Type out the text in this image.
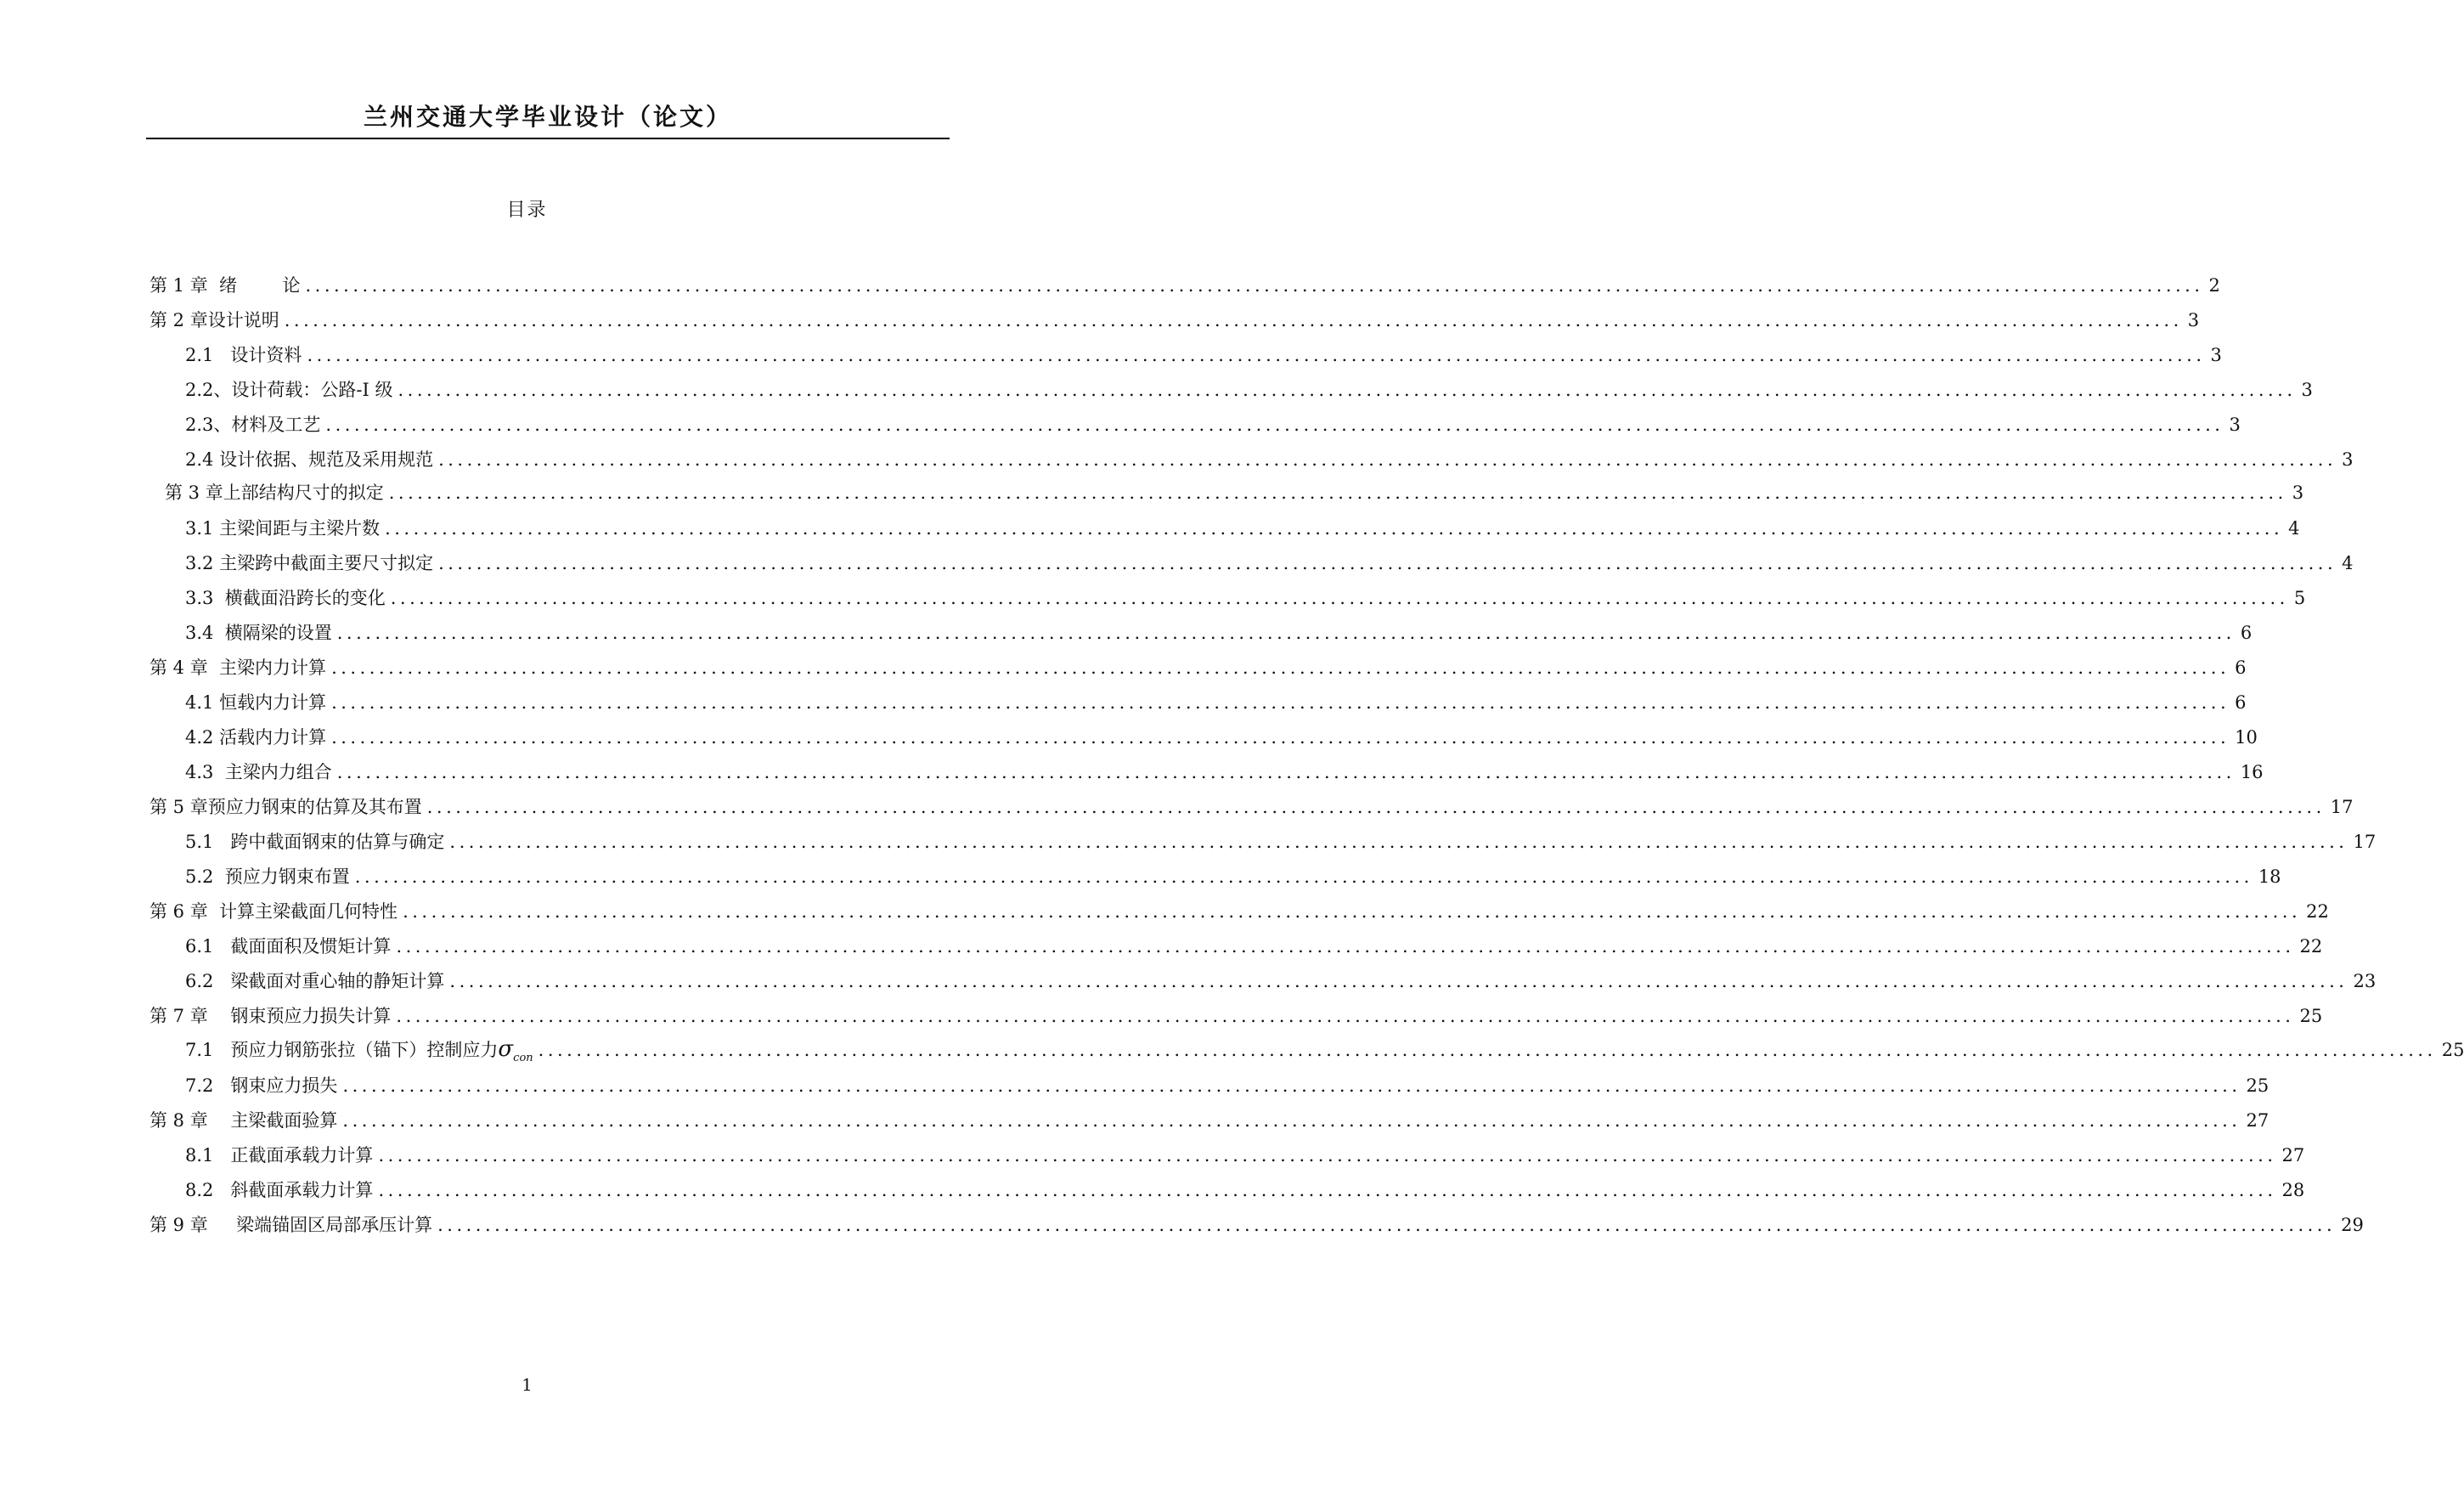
兰州交通大学毕业设计（论文）
目录
第 1 章  绪        论 ........................................................................................................................................................................................................ 2
第 2 章设计说明 ........................................................................................................................................................................................................ 3
2.1   设计资料 ........................................................................................................................................................................................................ 3
2.2、设计荷载：公路-I 级 ........................................................................................................................................................................................................ 3
2.3、材料及工艺 ........................................................................................................................................................................................................ 3
2.4 设计依据、规范及采用规范 ........................................................................................................................................................................................................ 3
第 3 章上部结构尺寸的拟定 ........................................................................................................................................................................................................ 3
3.1 主梁间距与主梁片数 ........................................................................................................................................................................................................ 4
3.2 主梁跨中截面主要尺寸拟定 ........................................................................................................................................................................................................ 4
3.3  横截面沿跨长的变化 ........................................................................................................................................................................................................ 5
3.4  横隔梁的设置 ........................................................................................................................................................................................................ 6
第 4 章  主梁内力计算 ........................................................................................................................................................................................................ 6
4.1 恒载内力计算 ........................................................................................................................................................................................................ 6
4.2 活载内力计算 ........................................................................................................................................................................................................ 10
4.3  主梁内力组合 ........................................................................................................................................................................................................ 16
第 5 章预应力钢束的估算及其布置 ........................................................................................................................................................................................................ 17
5.1   跨中截面钢束的估算与确定 ........................................................................................................................................................................................................ 17
5.2  预应力钢束布置 ........................................................................................................................................................................................................ 18
第 6 章  计算主梁截面几何特性 ........................................................................................................................................................................................................ 22
6.1   截面面积及惯矩计算 ........................................................................................................................................................................................................ 22
6.2   梁截面对重心轴的静矩计算 ........................................................................................................................................................................................................ 23
第 7 章    钢束预应力损失计算 ........................................................................................................................................................................................................ 25
7.1   预应力钢筋张拉（锚下）控制应力 $\sigma_{con}$ ........................................................................................................................................................................................................ 25
7.2   钢束应力损失 ........................................................................................................................................................................................................ 25
第 8 章    主梁截面验算 ........................................................................................................................................................................................................ 27
8.1   正截面承载力计算 ........................................................................................................................................................................................................ 27
8.2   斜截面承载力计算 ........................................................................................................................................................................................................ 28
第 9 章     梁端锚固区局部承压计算 ........................................................................................................................................................................................................ 29
1
